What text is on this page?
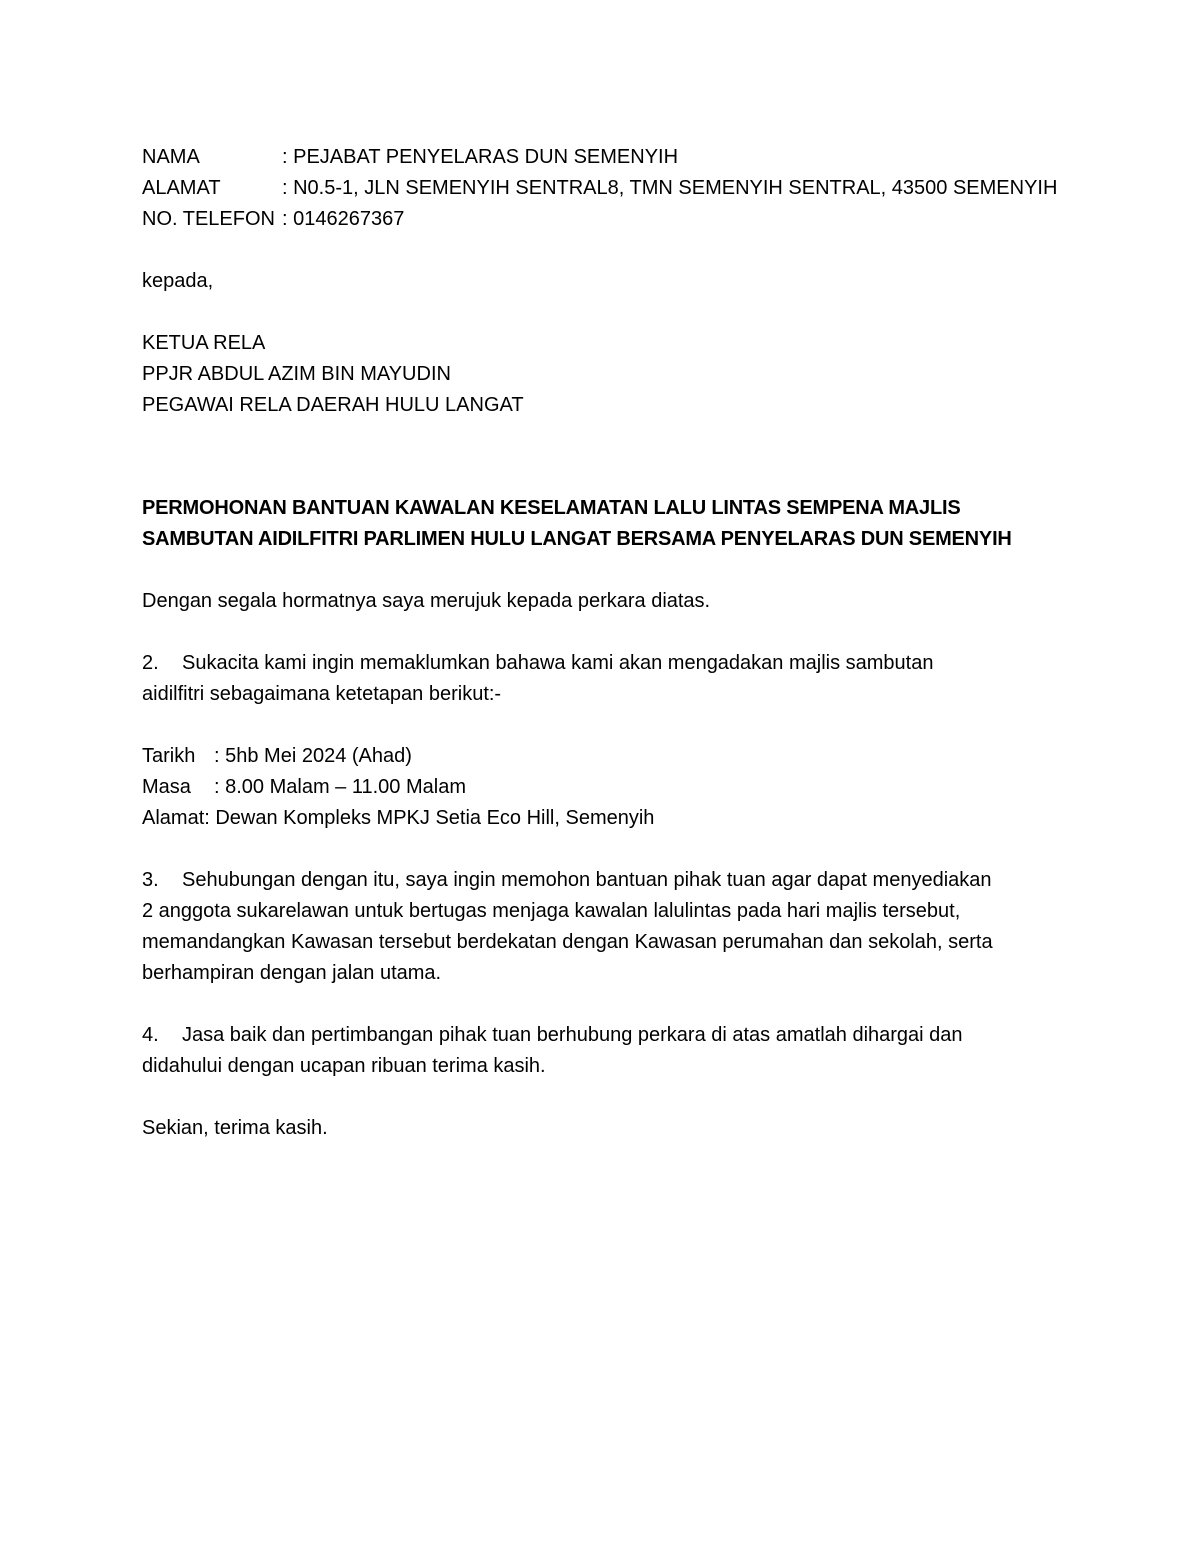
NAMA	: PEJABAT PENYELARAS DUN SEMENYIH
ALAMAT	: N0.5-1, JLN SEMENYIH SENTRAL8, TMN SEMENYIH SENTRAL, 43500 SEMENYIH
NO. TELEFON : 0146267367
kepada,
KETUA RELA
PPJR ABDUL AZIM BIN MAYUDIN
PEGAWAI RELA DAERAH HULU LANGAT
PERMOHONAN BANTUAN KAWALAN KESELAMATAN LALU LINTAS SEMPENA MAJLIS
SAMBUTAN AIDILFITRI PARLIMEN HULU LANGAT BERSAMA PENYELARAS DUN SEMENYIH
Dengan segala hormatnya saya merujuk kepada perkara diatas.
2. Sukacita kami ingin memaklumkan bahawa kami akan mengadakan majlis sambutan
aidilfitri sebagaimana ketetapan berikut:-
Tarikh : 5hb Mei 2024 (Ahad)
Masa : 8.00 Malam – 11.00 Malam
Alamat: Dewan Kompleks MPKJ Setia Eco Hill, Semenyih
3. Sehubungan dengan itu, saya ingin memohon bantuan pihak tuan agar dapat menyediakan
2 anggota sukarelawan untuk bertugas menjaga kawalan lalulintas pada hari majlis tersebut,
memandangkan Kawasan tersebut berdekatan dengan Kawasan perumahan dan sekolah, serta
berhampiran dengan jalan utama.
4. Jasa baik dan pertimbangan pihak tuan berhubung perkara di atas amatlah dihargai dan
didahului dengan ucapan ribuan terima kasih.
Sekian, terima kasih.
